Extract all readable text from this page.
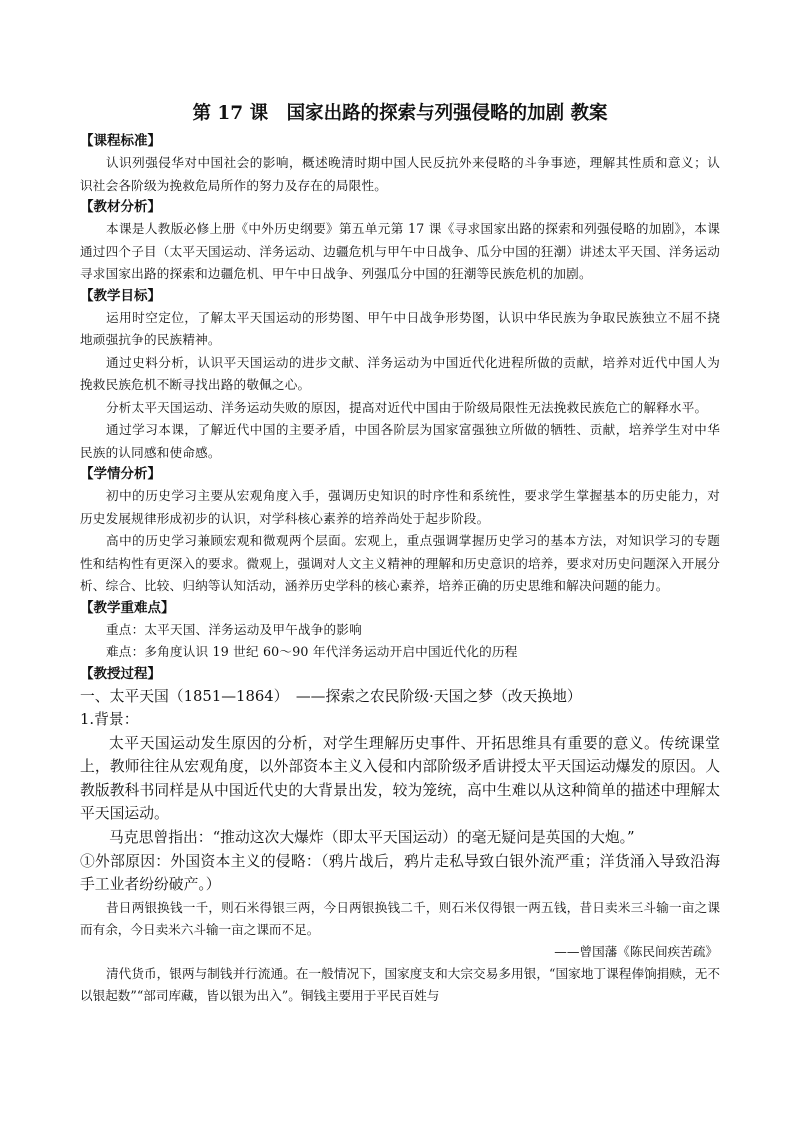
第 17 课　国家出路的探索与列强侵略的加剧 教案
【课程标准】

认识列强侵华对中国社会的影响，概述晚清时期中国人民反抗外来侵略的斗争事迹，理解其性质和意义；认识社会各阶级为挽救危局所作的努力及存在的局限性。

【教材分析】

本课是人教版必修上册《中外历史纲要》第五单元第 17 课《寻求国家出路的探索和列强侵略的加剧》，本课通过四个子目（太平天国运动、洋务运动、边疆危机与甲午中日战争、瓜分中国的狂潮）讲述太平天国、洋务运动寻求国家出路的探索和边疆危机、甲午中日战争、列强瓜分中国的狂潮等民族危机的加剧。

【教学目标】

运用时空定位，了解太平天国运动的形势图、甲午中日战争形势图，认识中华民族为争取民族独立不屈不挠地顽强抗争的民族精神。

通过史料分析，认识平天国运动的进步文献、洋务运动为中国近代化进程所做的贡献，培养对近代中国人为挽救民族危机不断寻找出路的敬佩之心。

分析太平天国运动、洋务运动失败的原因，提高对近代中国由于阶级局限性无法挽救民族危亡的解释水平。

通过学习本课，了解近代中国的主要矛盾，中国各阶层为国家富强独立所做的牺牲、贡献，培养学生对中华民族的认同感和使命感。

【学情分析】

初中的历史学习主要从宏观角度入手，强调历史知识的时序性和系统性，要求学生掌握基本的历史能力，对历史发展规律形成初步的认识，对学科核心素养的培养尚处于起步阶段。

高中的历史学习兼顾宏观和微观两个层面。宏观上，重点强调掌握历史学习的基本方法，对知识学习的专题性和结构性有更深入的要求。微观上，强调对人文主义精神的理解和历史意识的培养，要求对历史问题深入开展分析、综合、比较、归纳等认知活动，涵养历史学科的核心素养，培养正确的历史思维和解决问题的能力。

【教学重难点】

重点：太平天国、洋务运动及甲午战争的影响

难点：多角度认识 19 世纪 60～90 年代洋务运动开启中国近代化的历程

【教授过程】

一、太平天国（1851—1864）　——探索之农民阶级·天国之梦（改天换地）

1.背景：

太平天国运动发生原因的分析，对学生理解历史事件、开拓思维具有重要的意义。传统课堂上，教师往往从宏观角度，以外部资本主义入侵和内部阶级矛盾讲授太平天国运动爆发的原因。人教版教科书同样是从中国近代史的大背景出发，较为笼统，高中生难以从这种简单的描述中理解太平天国运动。

马克思曾指出：“推动这次大爆炸（即太平天国运动）的毫无疑问是英国的大炮。”

①外部原因：外国资本主义的侵略：（鸦片战后，鸦片走私导致白银外流严重；洋货涌入导致沿海手工业者纷纷破产。）

昔日两银换钱一千，则石米得银三两，今日两银换钱二千，则石米仅得银一两五钱，昔日卖米三斗输一亩之课而有余，今日卖米六斗输一亩之课而不足。

——曾国藩《陈民间疾苦疏》

清代货币，银两与制钱并行流通。在一般情况下，国家度支和大宗交易多用银，“国家地丁课程俸饷捐赎，无不以银起数”“部司库藏，皆以银为出入”。铜钱主要用于平民百姓与
